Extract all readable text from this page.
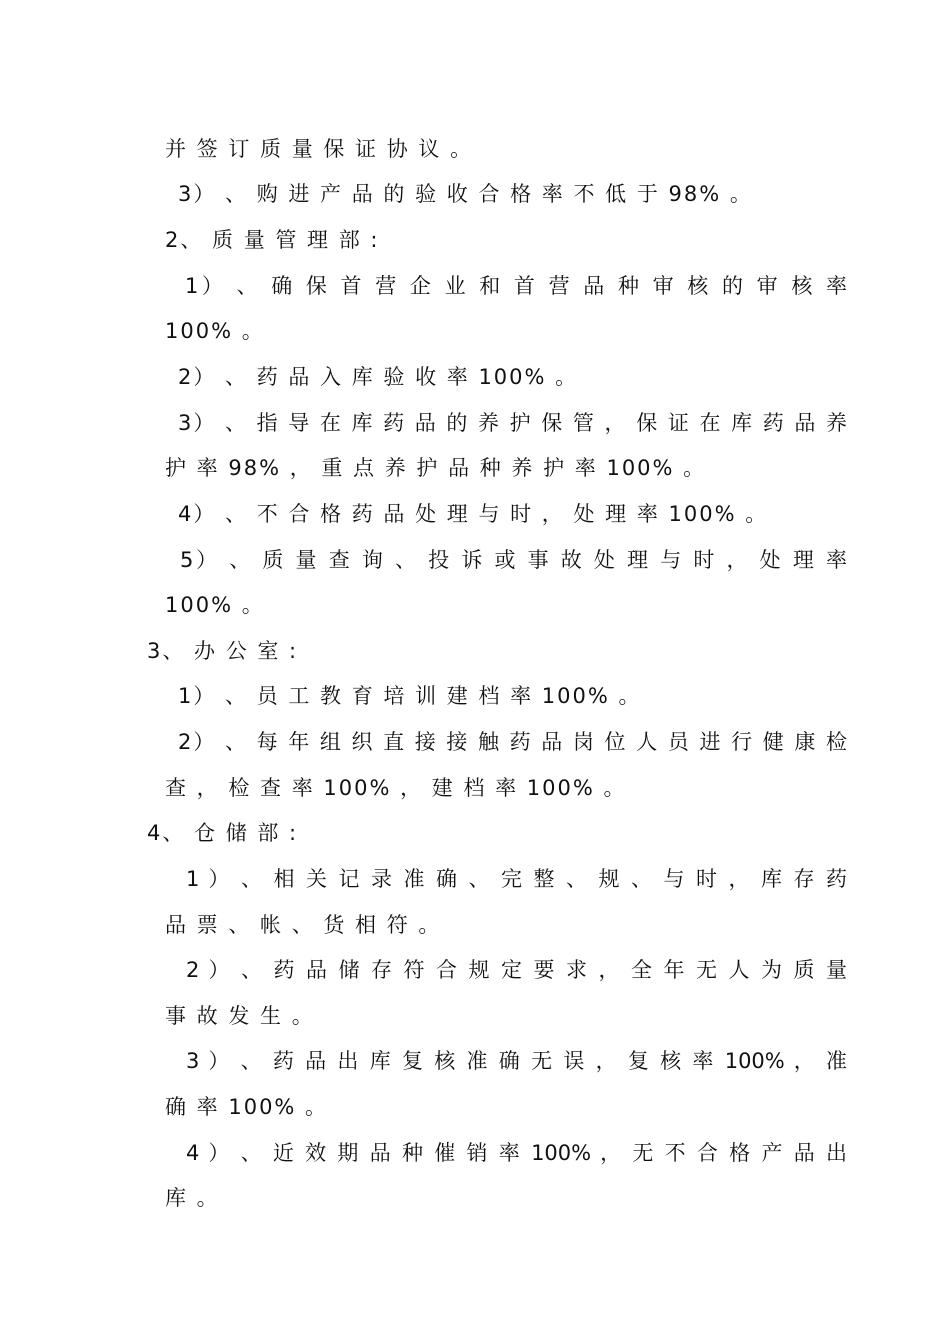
并 签 订 质 量 保 证 协 议 。
3） 、 购 进 产 品 的 验 收 合 格 率 不 低 于 98% 。
2、 质 量 管 理 部 :
1） 、 确 保 首 营 企 业 和 首 营 品 种 审 核 的 审 核 率
100% 。
2） 、 药 品 入 库 验 收 率 100% 。
3） 、 指 导 在 库 药 品 的 养 护 保 管 ， 保 证 在 库 药 品 养
护 率 98% ， 重 点 养 护 品 种 养 护 率 100% 。
4） 、 不 合 格 药 品 处 理 与 时 ， 处 理 率 100% 。
5） 、 质 量 查 询 、 投 诉 或 事 故 处 理 与 时 ， 处 理 率
100% 。
3、 办 公 室 :
1） 、 员 工 教 育 培 训 建 档 率 100% 。
2） 、 每 年 组 织 直 接 接 触 药 品 岗 位 人 员 进 行 健 康 检
查 ， 检 查 率 100% ， 建 档 率 100% 。
4、 仓 储 部 :
1 ） 、 相 关 记 录 准 确 、 完 整 、 规 、 与 时 ， 库 存 药
品 票 、 帐 、 货 相 符 。
2 ） 、 药 品 储 存 符 合 规 定 要 求 ， 全 年 无 人 为 质 量
事 故 发 生 。
3 ） 、 药 品 出 库 复 核 准 确 无 误 ， 复 核 率 100% ， 准
确 率 100% 。
4 ） 、 近 效 期 品 种 催 销 率 100% ， 无 不 合 格 产 品 出
库 。
